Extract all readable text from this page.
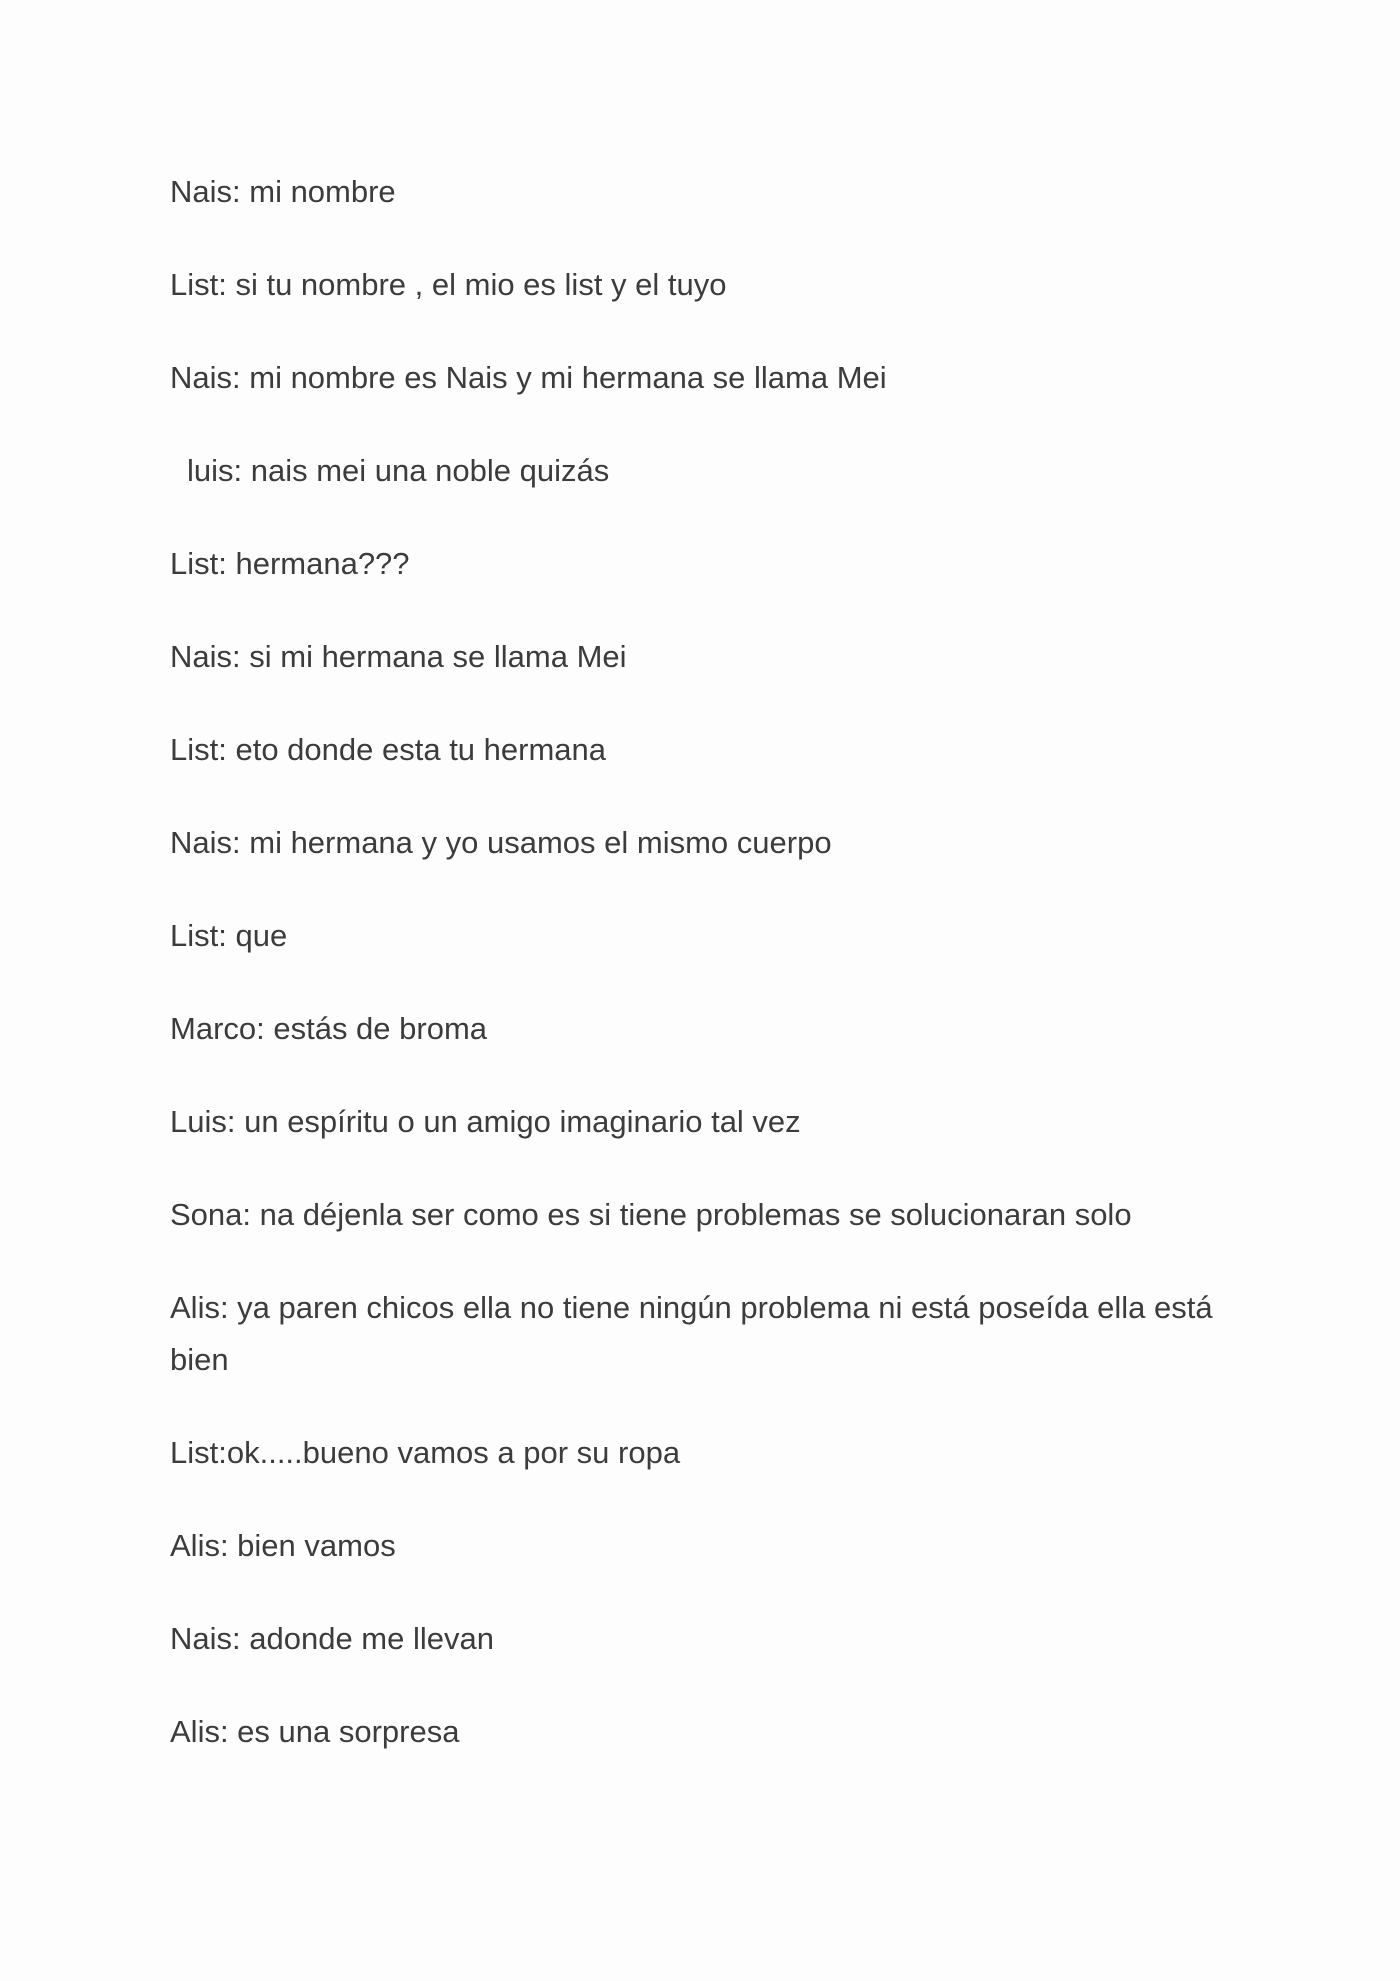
Nais: mi nombre

List: si tu nombre , el mio es list y el tuyo

Nais: mi nombre es Nais y mi hermana se llama Mei

luis: nais mei una noble quizás

List: hermana???

Nais: si mi hermana se llama Mei

List: eto donde esta tu hermana

Nais: mi hermana y yo usamos el mismo cuerpo

List: que

Marco: estás de broma

Luis: un espíritu o un amigo imaginario tal vez

Sona: na déjenla ser como es si tiene problemas se solucionaran solo

Alis: ya paren chicos ella no tiene ningún problema ni está poseída ella está bien

List:ok.....bueno vamos a por su ropa

Alis: bien vamos

Nais: adonde me llevan

Alis: es una sorpresa
